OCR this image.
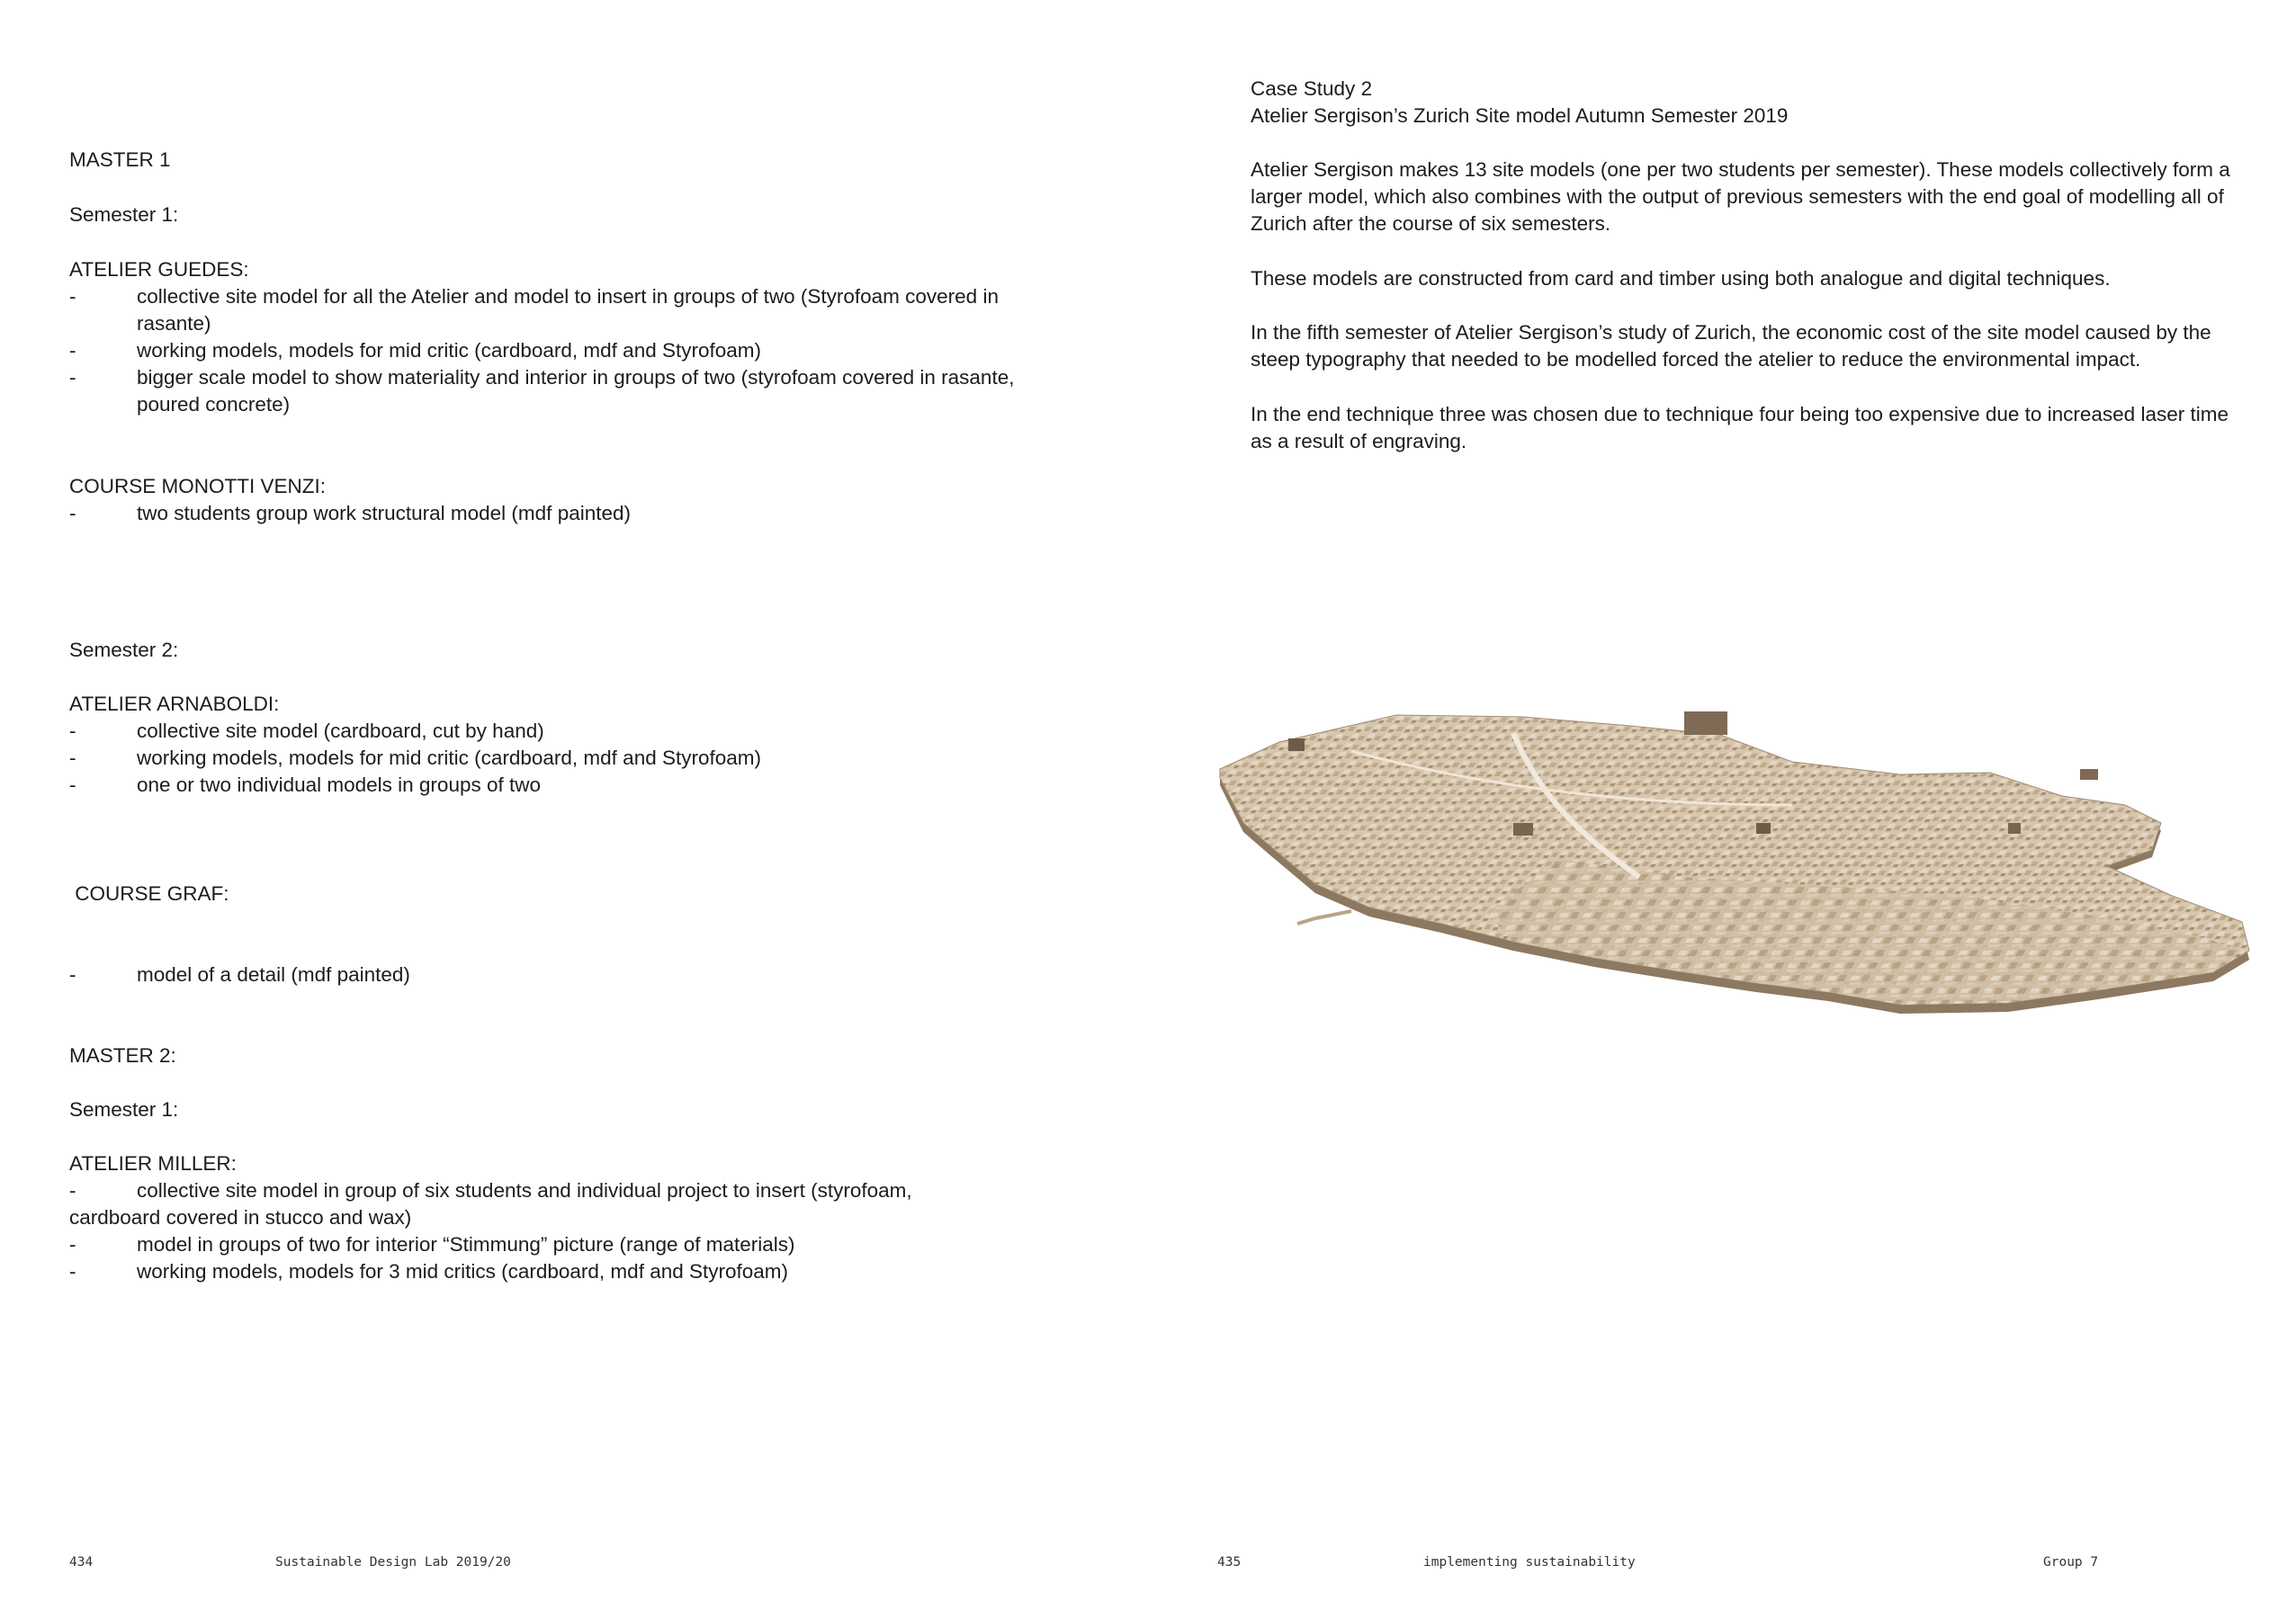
MASTER 1
Semester 1:
ATELIER GUEDES:
-	collective site model for all the Atelier and model to insert in groups of two (Styrofoam covered in rasante)
-	working models, models for mid critic (cardboard, mdf and Styrofoam)
-	bigger scale model to show materiality and interior in groups of two (styrofoam covered in rasante, poured concrete)
COURSE MONOTTI VENZI:
-	two students group work structural model (mdf painted)
Semester 2:
ATELIER ARNABOLDI:
-	collective site model (cardboard, cut by hand)
-	working models, models for mid critic (cardboard, mdf and Styrofoam)
-	one or two individual models in groups of two

COURSE GRAF:

-	model of a detail (mdf painted)

MASTER 2:
Semester 1:
ATELIER MILLER:
-	collective site model in group of six students and individual project to insert (styrofoam, cardboard covered in stucco and wax)
-	model in groups of two for interior “Stimmung” picture (range of materials)
-	working models, models for 3 mid critics (cardboard, mdf and Styrofoam)
434	Sustainable Design Lab 2019/20
Case Study 2
Atelier Sergison’s Zurich Site model Autumn Semester 2019
Atelier Sergison makes 13 site models (one per two students per semester). These models collectively form a larger model, which also combines with the output of previous semesters with the end goal of modelling all of Zurich after the course of six semesters.
These models are constructed from card and timber using both analogue and digital techniques.
In the fifth semester of Atelier Sergison’s study of Zurich, the economic cost of the site model caused by the steep typography that needed to be modelled forced the atelier to reduce the environmental impact.
In the end technique three was chosen due to technique four being too expensive due to increased laser time as a result of engraving.
435	implementing sustainability	Group 7
